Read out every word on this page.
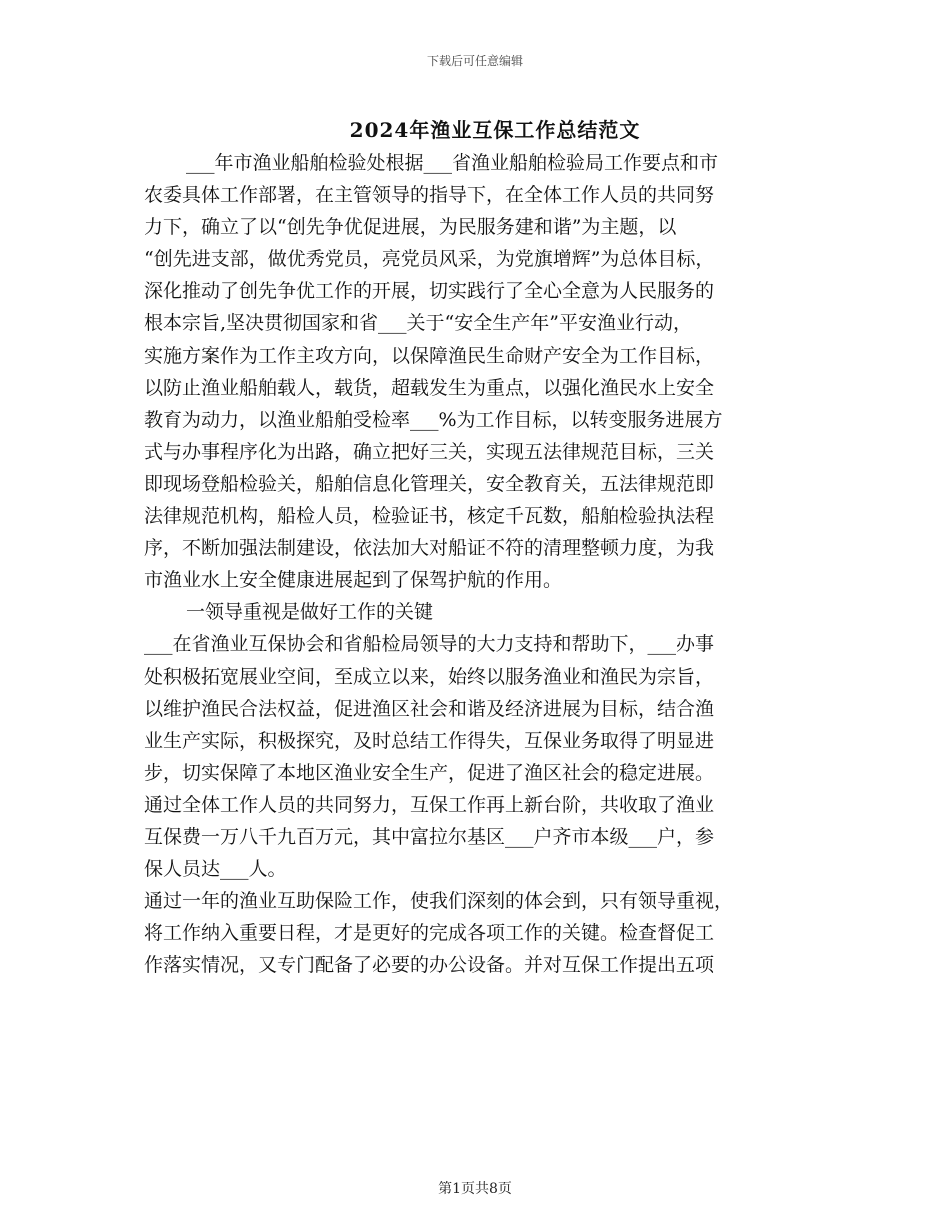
下载后可任意编辑
2024年渔业互保工作总结范文
___年市渔业船舶检验处根据___省渔业船舶检验局工作要点和市
农委具体工作部署，在主管领导的指导下，在全体工作人员的共同努
力下，确立了以“创先争优促进展，为民服务建和谐”为主题，以
“创先进支部，做优秀党员，亮党员风采，为党旗增辉”为总体目标，
深化推动了创先争优工作的开展，切实践行了全心全意为人民服务的
根本宗旨,坚决贯彻国家和省___关于“安全生产年”平安渔业行动，
实施方案作为工作主攻方向，以保障渔民生命财产安全为工作目标，
以防止渔业船舶载人，载货，超载发生为重点，以强化渔民水上安全
教育为动力，以渔业船舶受检率___%为工作目标，以转变服务进展方
式与办事程序化为出路，确立把好三关，实现五法律规范目标，三关
即现场登船检验关，船舶信息化管理关，安全教育关，五法律规范即
法律规范机构，船检人员，检验证书，核定千瓦数，船舶检验执法程
序，不断加强法制建设，依法加大对船证不符的清理整顿力度，为我
市渔业水上安全健康进展起到了保驾护航的作用。
一领导重视是做好工作的关键
___在省渔业互保协会和省船检局领导的大力支持和帮助下，___办事
处积极拓宽展业空间，至成立以来，始终以服务渔业和渔民为宗旨，
以维护渔民合法权益，促进渔区社会和谐及经济进展为目标，结合渔
业生产实际，积极探究，及时总结工作得失，互保业务取得了明显进
步，切实保障了本地区渔业安全生产，促进了渔区社会的稳定进展。
通过全体工作人员的共同努力，互保工作再上新台阶，共收取了渔业
互保费一万八千九百万元，其中富拉尔基区___户齐市本级___户，参
保人员达___人。
通过一年的渔业互助保险工作，使我们深刻的体会到，只有领导重视，
将工作纳入重要日程，才是更好的完成各项工作的关键。检查督促工
作落实情况，又专门配备了必要的办公设备。并对互保工作提出五项
第1页共8页
